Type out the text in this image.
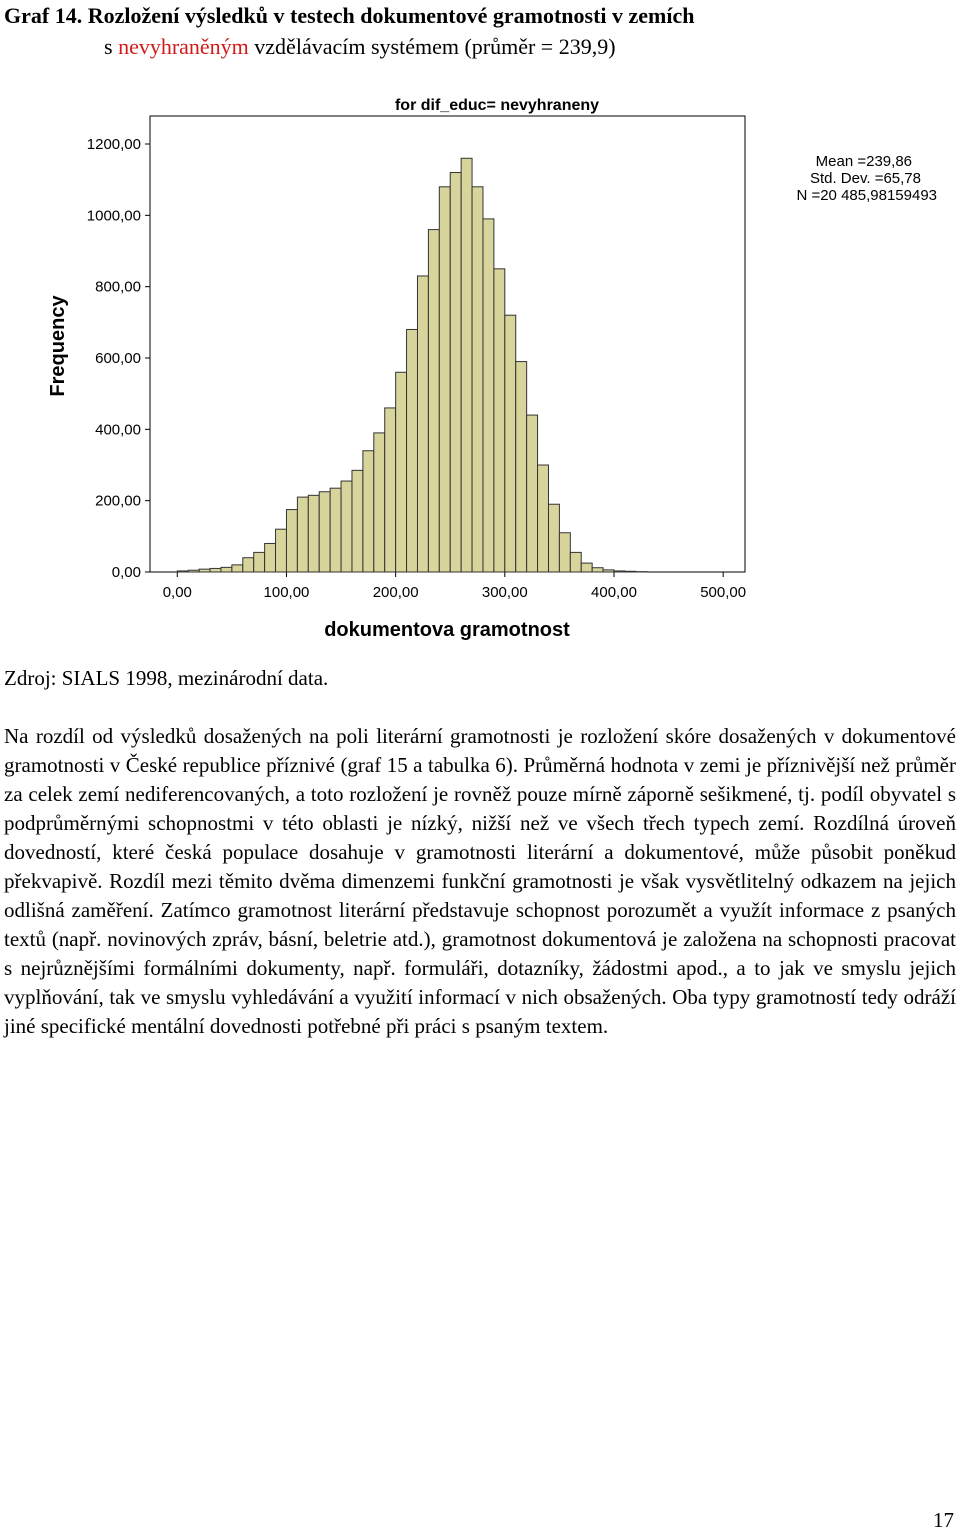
Graf 14. Rozložení výsledků v testech dokumentové gramotnosti v zemích
s nevyhraněným vzdělávacím systémem (průměr = 239,9)
for dif_educ= nevyhraneny
0,00
200,00
400,00
600,00
800,00
1000,00
1200,00
0,00	100,00	200,00	300,00	400,00	500,00
dokumentova gramotnost
Frequency
Mean =239,86
Std. Dev. =65,78
N =20 485,98159493
Zdroj: SIALS 1998, mezinárodní data.

Na rozdíl od výsledků dosažených na poli literární gramotnosti je rozložení skóre dosažených v dokumentové gramotnosti v České republice příznivé (graf 15 a tabulka 6). Průměrná hodnota v zemi je příznivější než průměr za celek zemí nediferencovaných, a toto rozložení je rovněž pouze mírně záporně sešikmené, tj. podíl obyvatel s podprůměrnými schopnostmi v této oblasti je nízký, nižší než ve všech třech typech zemí. Rozdílná úroveň dovedností, které česká populace dosahuje v gramotnosti literární a dokumentové, může působit poněkud překvapivě. Rozdíl mezi těmito dvěma dimenzemi funkční gramotnosti je však vysvětlitelný odkazem na jejich odlišná zaměření. Zatímco gramotnost literární představuje schopnost porozumět a využít informace z psaných textů (např. novinových zpráv, básní, beletrie atd.), gramotnost dokumentová je založena na schopnosti pracovat s nejrůznějšími formálními dokumenty, např. formuláři, dotazníky, žádostmi apod., a to jak ve smyslu jejich vyplňování, tak ve smyslu vyhledávání a využití informací v nich obsažených. Oba typy gramotností tedy odráží jiné specifické mentální dovednosti potřebné při práci s psaným textem.

17
